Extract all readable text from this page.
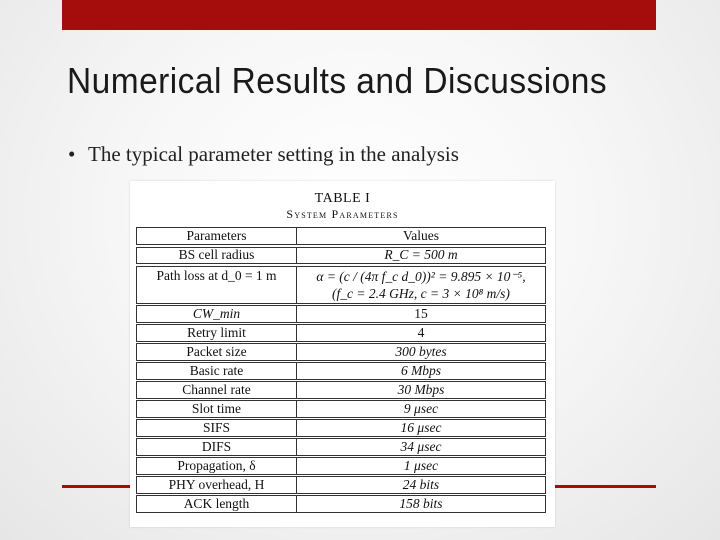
Numerical Results and Discussions
• The typical parameter setting in the analysis
TABLE I
System Parameters
Parameters	Values
BS cell radius	R_C = 500 m
Path loss at d_0 = 1 m	α = (c / (4π f_c d_0))² = 9.895 × 10⁻⁵,
(f_c = 2.4 GHz, c = 3 × 10⁸ m/s)
CW_min	15
Retry limit	4
Packet size	300 bytes
Basic rate	6 Mbps
Channel rate	30 Mbps
Slot time	9 μsec
SIFS	16 μsec
DIFS	34 μsec
Propagation, δ	1 μsec
PHY overhead, H	24 bits
ACK length	158 bits
